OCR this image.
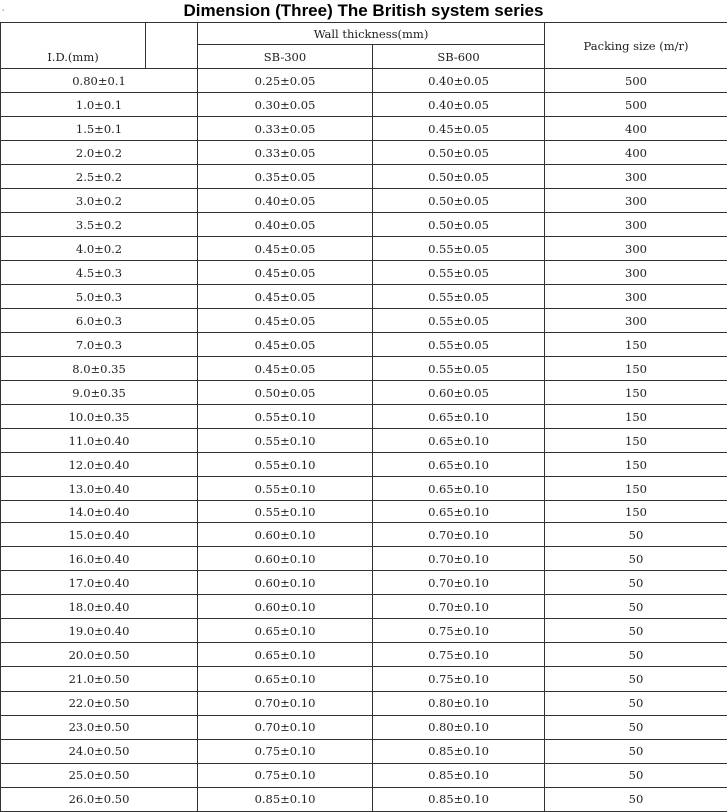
'	Dimension (Three) The British system series
I.D.(mm)		Wall thickness(mm)		Packing size (m/r)
		SB-300	SB-600	
0.80±0.1		0.25±0.05	0.40±0.05	500
1.0±0.1		0.30±0.05	0.40±0.05	500
1.5±0.1		0.33±0.05	0.45±0.05	400
2.0±0.2		0.33±0.05	0.50±0.05	400
2.5±0.2		0.35±0.05	0.50±0.05	300
3.0±0.2		0.40±0.05	0.50±0.05	300
3.5±0.2		0.40±0.05	0.50±0.05	300
4.0±0.2		0.45±0.05	0.55±0.05	300
4.5±0.3		0.45±0.05	0.55±0.05	300
5.0±0.3		0.45±0.05	0.55±0.05	300
6.0±0.3		0.45±0.05	0.55±0.05	300
7.0±0.3		0.45±0.05	0.55±0.05	150
8.0±0.35		0.45±0.05	0.55±0.05	150
9.0±0.35		0.50±0.05	0.60±0.05	150
10.0±0.35		0.55±0.10	0.65±0.10	150
11.0±0.40		0.55±0.10	0.65±0.10	150
12.0±0.40		0.55±0.10	0.65±0.10	150
13.0±0.40		0.55±0.10	0.65±0.10	150
14.0±0.40		0.55±0.10	0.65±0.10	150
15.0±0.40	0.60±0.10	0.70±0.10	50
16.0±0.40	0.60±0.10	0.70±0.10	50
17.0±0.40	0.60±0.10	0.70±0.10	50
18.0±0.40	0.60±0.10	0.70±0.10	50
19.0±0.40	0.65±0.10	0.75±0.10	50
20.0±0.50	0.65±0.10	0.75±0.10	50
21.0±0.50	0.65±0.10	0.75±0.10	50
22.0±0.50	0.70±0.10	0.80±0.10	50
23.0±0.50	0.70±0.10	0.80±0.10	50
24.0±0.50	0.75±0.10	0.85±0.10	50
25.0±0.50	0.75±0.10	0.85±0.10	50
26.0±0.50	0.85±0.10	0.85±0.10	50
